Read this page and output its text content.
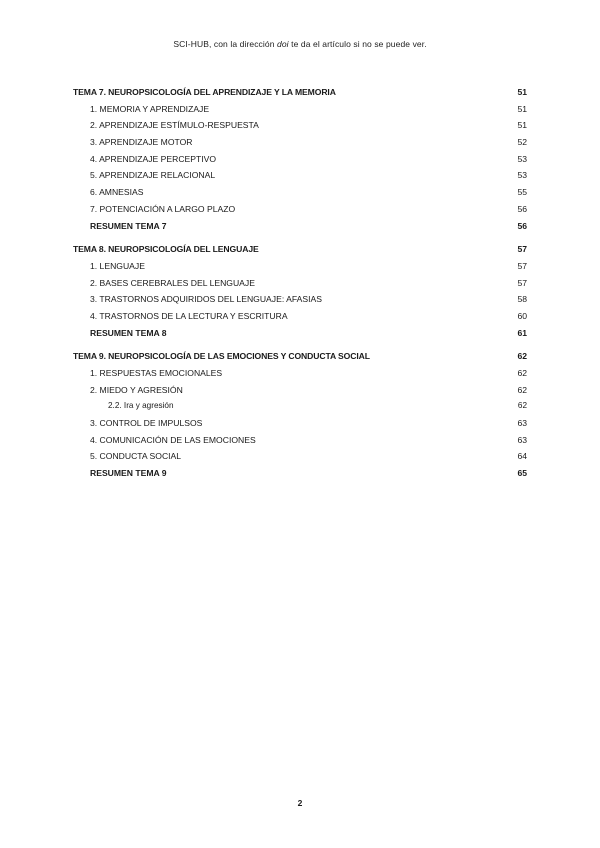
SCI-HUB, con la dirección doi te da el artículo si no se puede ver.
TEMA 7. NEUROPSICOLOGÍA DEL APRENDIZAJE Y LA MEMORIA	51
1. MEMORIA Y APRENDIZAJE	51
2. APRENDIZAJE ESTÍMULO-RESPUESTA	51
3. APRENDIZAJE MOTOR	52
4. APRENDIZAJE PERCEPTIVO	53
5. APRENDIZAJE RELACIONAL	53
6. AMNESIAS	55
7. POTENCIACIÓN A LARGO PLAZO	56
RESUMEN TEMA 7	56
TEMA 8. NEUROPSICOLOGÍA DEL LENGUAJE	57
1. LENGUAJE	57
2. BASES CEREBRALES DEL LENGUAJE	57
3. TRASTORNOS ADQUIRIDOS DEL LENGUAJE: AFASIAS	58
4. TRASTORNOS DE LA LECTURA Y ESCRITURA	60
RESUMEN TEMA 8	61
TEMA 9. NEUROPSICOLOGÍA DE LAS EMOCIONES Y CONDUCTA SOCIAL	62
1. RESPUESTAS EMOCIONALES	62
2. MIEDO Y AGRESIÓN	62
2.2. Ira y agresión	62
3. CONTROL DE IMPULSOS	63
4. COMUNICACIÓN DE LAS EMOCIONES	63
5. CONDUCTA SOCIAL	64
RESUMEN TEMA 9	65
2
